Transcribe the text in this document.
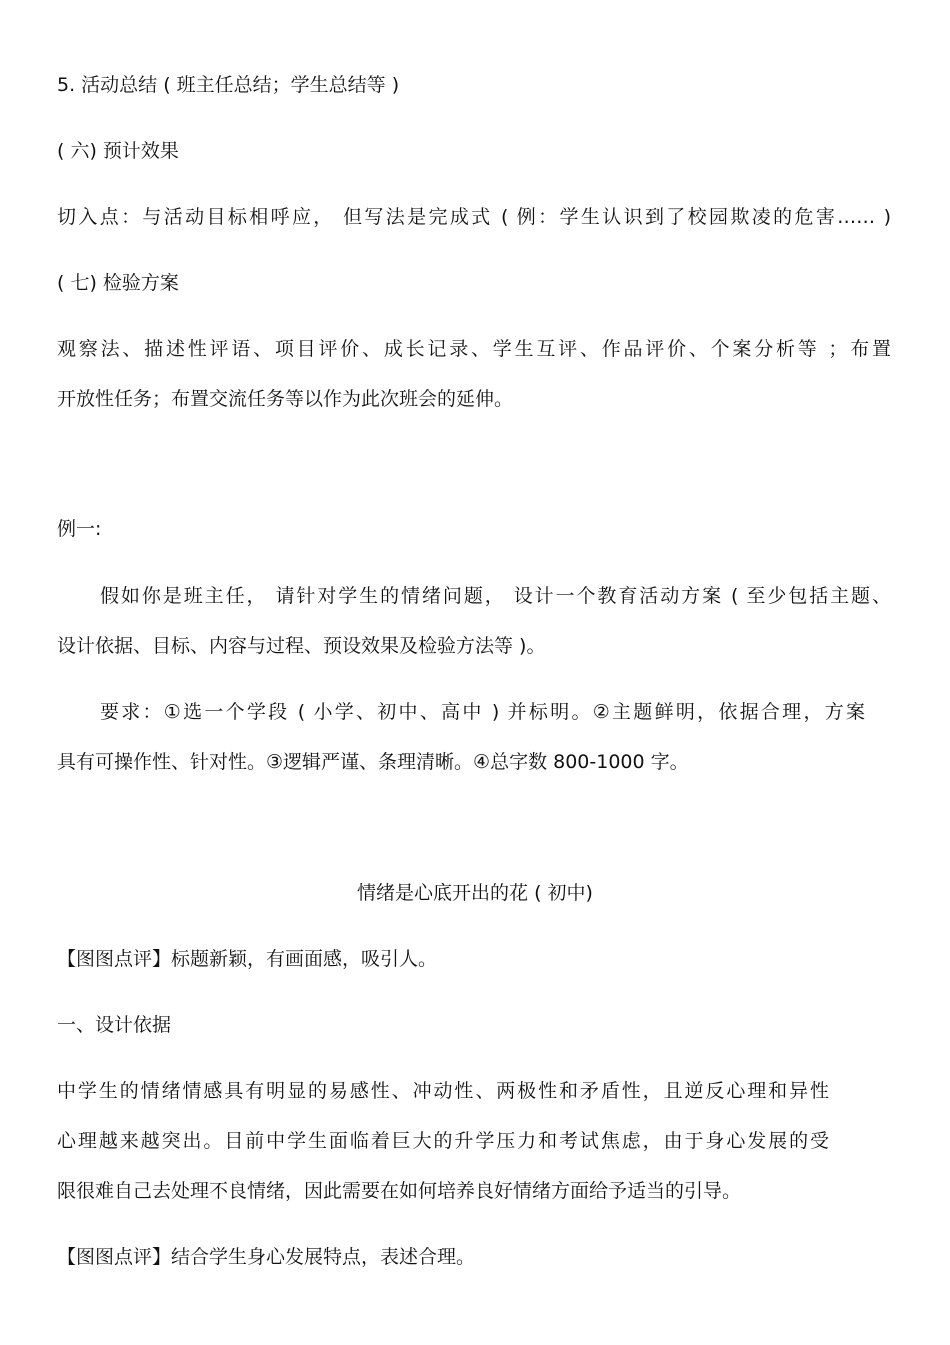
5. 活动总结 ( 班主任总结；学生总结等 )
( 六) 预计效果
切入点：与活动目标相呼应， 但写法是完成式 ( 例：学生认识到了校园欺凌的危害…… )
( 七) 检验方案
观察法、描述性评语、项目评价、成长记录、学生互评、作品评价、个案分析等 ；布置
开放性任务；布置交流任务等以作为此次班会的延伸。
例一:
假如你是班主任， 请针对学生的情绪问题， 设计一个教育活动方案 ( 至少包括主题、
设计依据、目标、内容与过程、预设效果及检验方法等 )。
要求：①选一个学段 ( 小学、初中、高中 ) 并标明。②主题鲜明，依据合理，方案
具有可操作性、针对性。③逻辑严谨、条理清晰。④总字数 800-1000 字。
情绪是心底开出的花 ( 初中)
【图图点评】标题新颖，有画面感，吸引人。
一、设计依据
中学生的情绪情感具有明显的易感性、冲动性、两极性和矛盾性，且逆反心理和异性
心理越来越突出。目前中学生面临着巨大的升学压力和考试焦虑，由于身心发展的受
限很难自己去处理不良情绪，因此需要在如何培养良好情绪方面给予适当的引导。
【图图点评】结合学生身心发展特点，表述合理。
